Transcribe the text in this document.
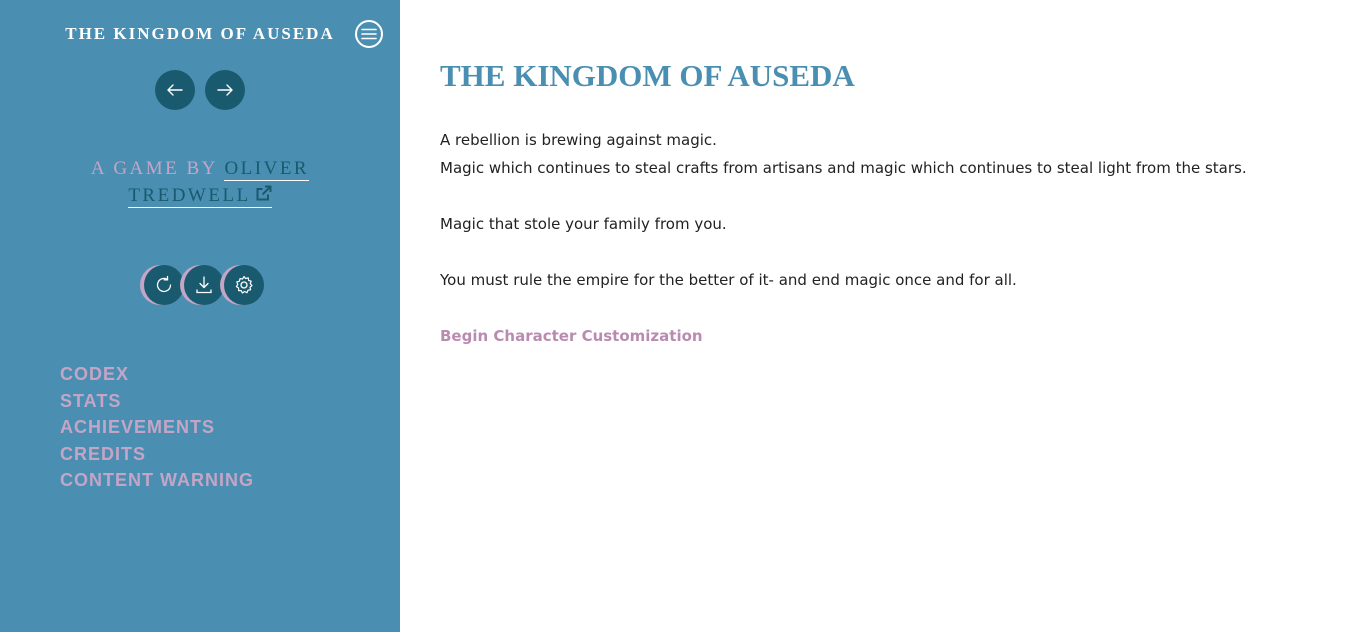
THE KINGDOM OF AUSEDA
A GAME BY OLIVER
TREDWELL
CODEX
STATS
ACHIEVEMENTS
CREDITS
CONTENT WARNING
THE KINGDOM OF AUSEDA

A rebellion is brewing against magic.

Magic which continues to steal crafts from artisans and magic which continues to steal light from the stars.

Magic that stole your family from you.

You must rule the empire for the better of it- and end magic once and for all.

Begin Character Customization
